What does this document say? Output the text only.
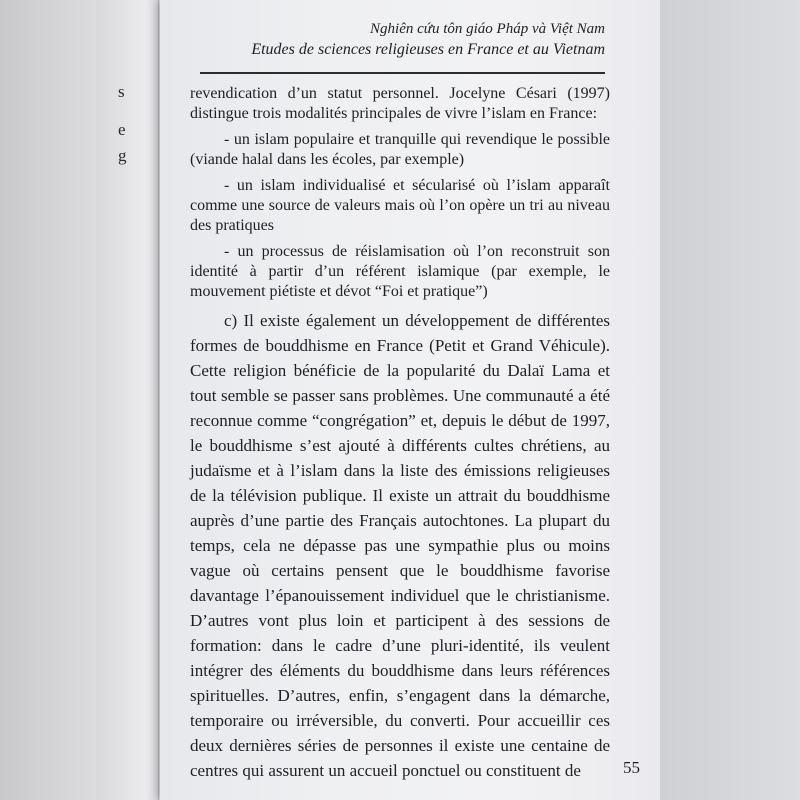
s
e
g
Nghiên cứu tôn giáo Pháp và Việt Nam
Etudes de sciences religieuses en France et au Vietnam

revendication d’un statut personnel. Jocelyne Césari (1997) distingue trois modalités principales de vivre l’islam en France:

- un islam populaire et tranquille qui revendique le possible (viande halal dans les écoles, par exemple)

- un islam individualisé et sécularisé où l’islam apparaît comme une source de valeurs mais où l’on opère un tri au niveau des pratiques

- un processus de réislamisation où l’on reconstruit son identité à partir d’un référent islamique (par exemple, le mouvement piétiste et dévot “Foi et pratique”)

c) Il existe également un développement de différentes formes de bouddhisme en France (Petit et Grand Véhicule). Cette religion bénéficie de la popularité du Dalaï Lama et tout semble se passer sans problèmes. Une communauté a été reconnue comme “congrégation” et, depuis le début de 1997, le bouddhisme s’est ajouté à différents cultes chrétiens, au judaïsme et à l’islam dans la liste des émissions religieuses de la télévision publique. Il existe un attrait du bouddhisme auprès d’une partie des Français autochtones. La plupart du temps, cela ne dépasse pas une sympathie plus ou moins vague où certains pensent que le bouddhisme favorise davantage l’épanouissement individuel que le christianisme. D’autres vont plus loin et participent à des sessions de formation: dans le cadre d’une pluri-identité, ils veulent intégrer des éléments du bouddhisme dans leurs références spirituelles. D’autres, enfin, s’engagent dans la démarche, temporaire ou irréversible, du converti. Pour accueillir ces deux dernières séries de personnes il existe une centaine de centres qui assurent un accueil ponctuel ou constituent de	55
